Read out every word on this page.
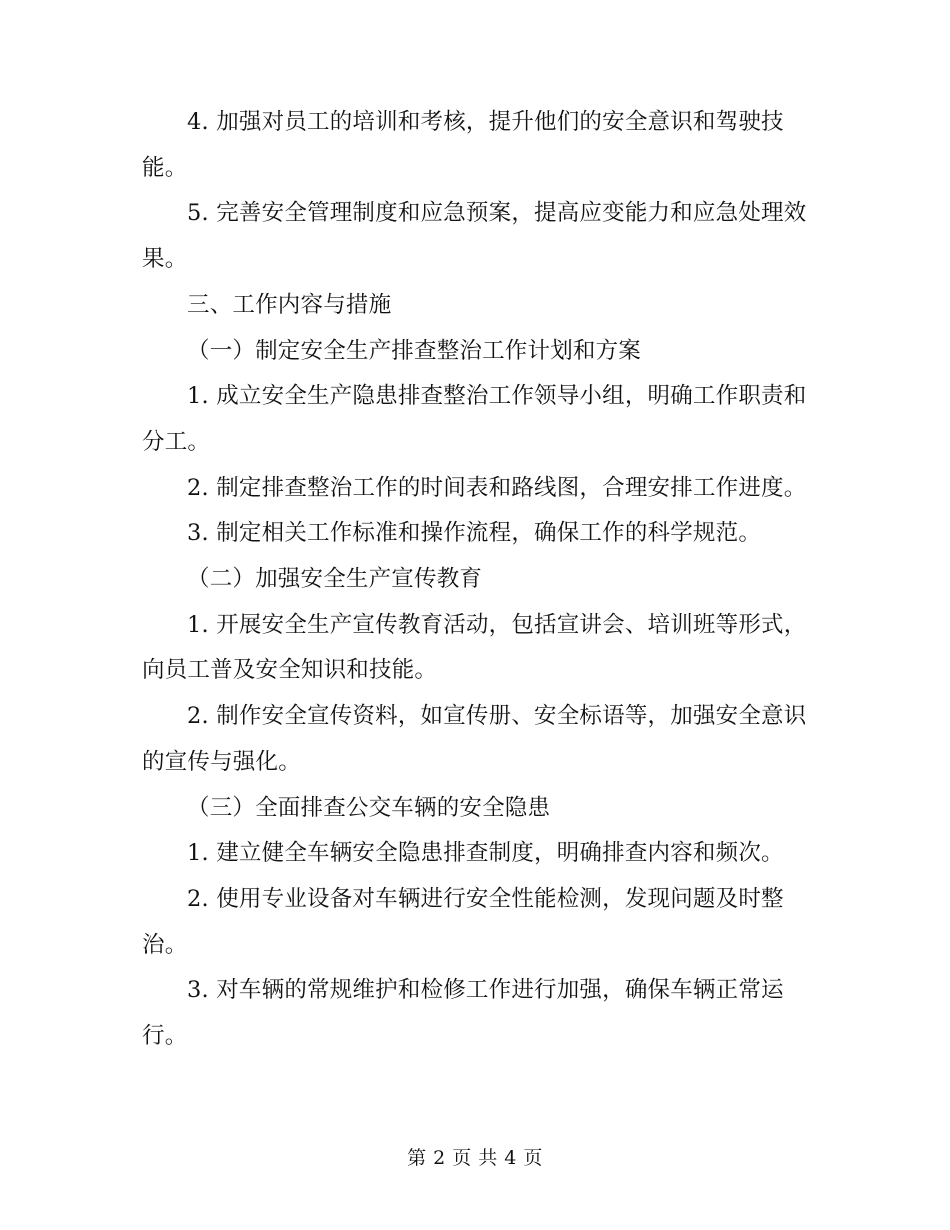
4. 加强对员工的培训和考核，提升他们的安全意识和驾驶技能。

5. 完善安全管理制度和应急预案，提高应变能力和应急处理效果。

三、工作内容与措施

（一）制定安全生产排查整治工作计划和方案

1. 成立安全生产隐患排查整治工作领导小组，明确工作职责和分工。

2. 制定排查整治工作的时间表和路线图，合理安排工作进度。

3. 制定相关工作标准和操作流程，确保工作的科学规范。

（二）加强安全生产宣传教育

1. 开展安全生产宣传教育活动，包括宣讲会、培训班等形式，向员工普及安全知识和技能。

2. 制作安全宣传资料，如宣传册、安全标语等，加强安全意识的宣传与强化。

（三）全面排查公交车辆的安全隐患

1. 建立健全车辆安全隐患排查制度，明确排查内容和频次。

2. 使用专业设备对车辆进行安全性能检测，发现问题及时整治。

3. 对车辆的常规维护和检修工作进行加强，确保车辆正常运行。

第 2 页 共 4 页
